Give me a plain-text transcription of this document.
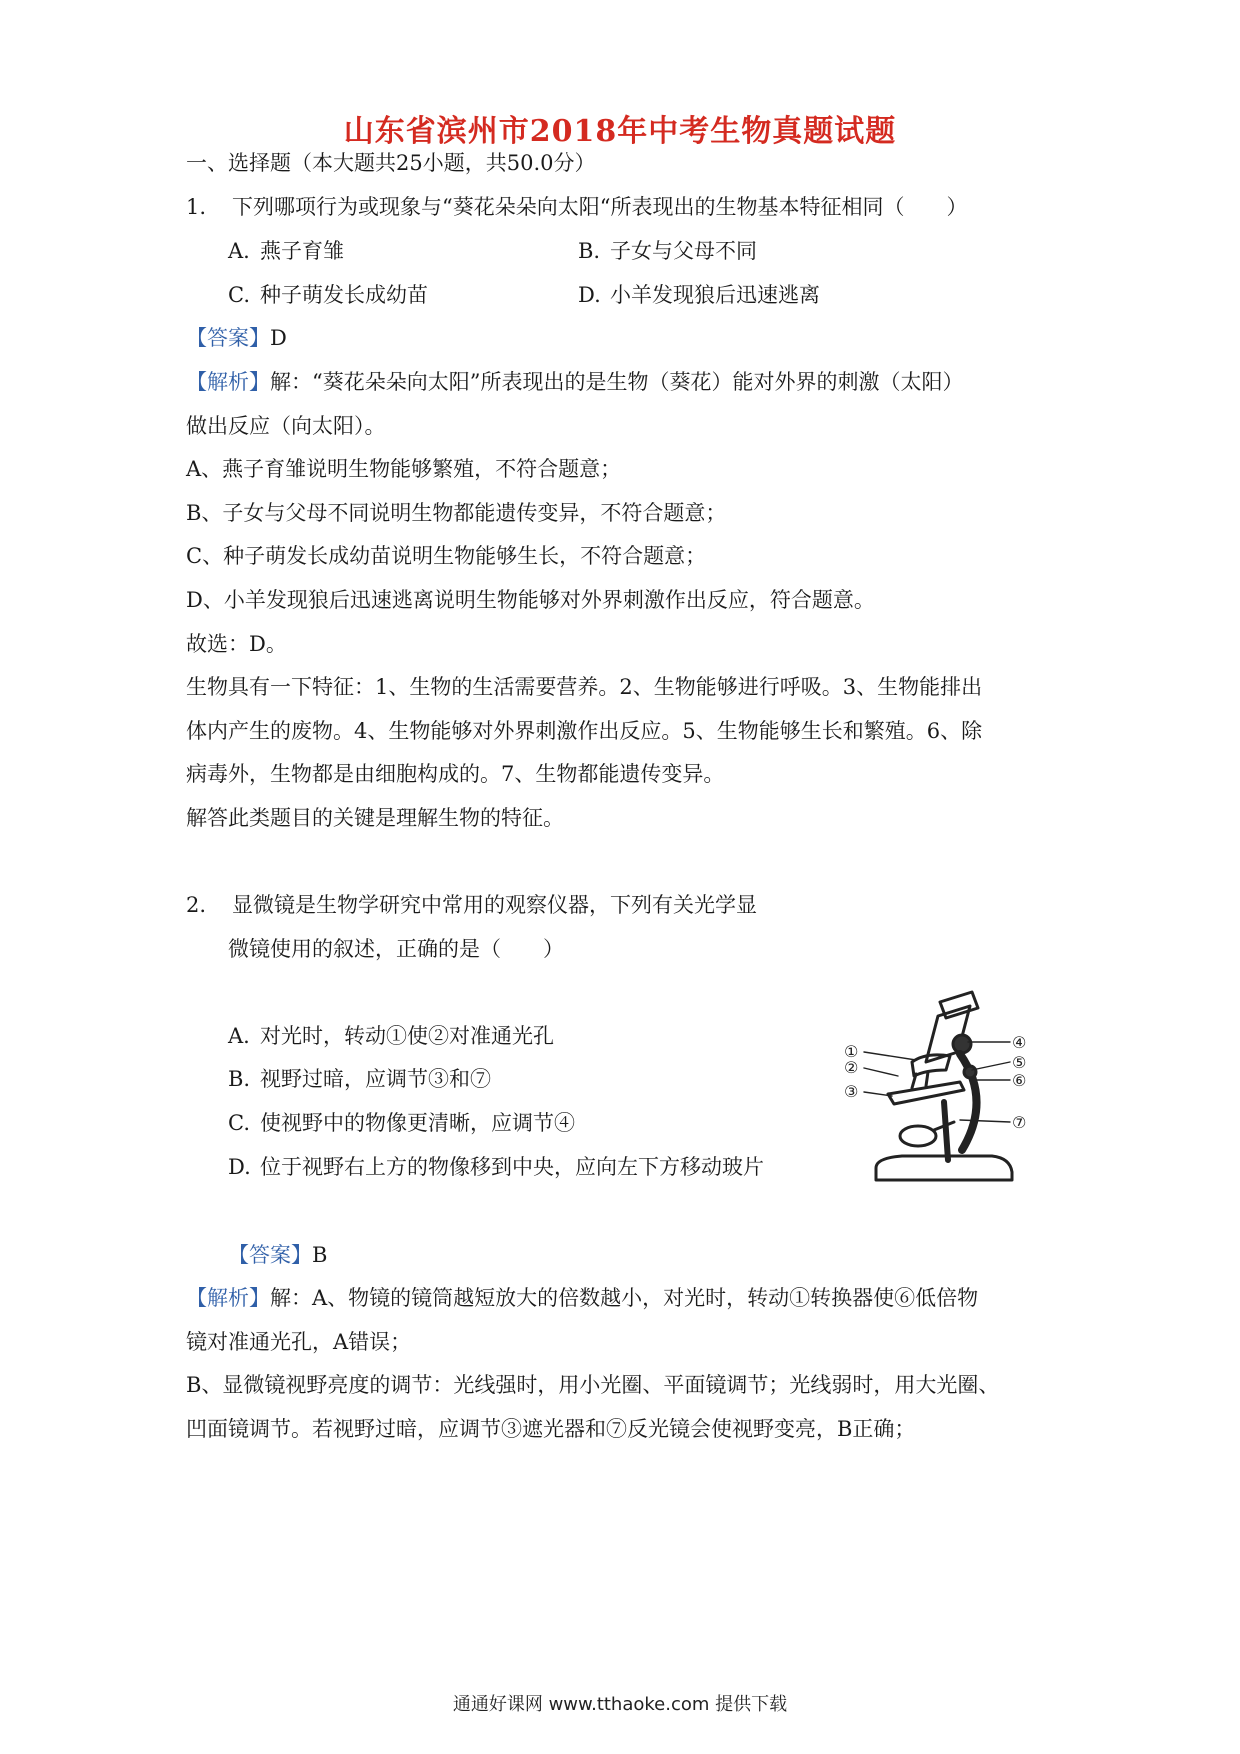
山东省滨州市2018年中考生物真题试题
一、选择题（本大题共25小题，共50.0分）
1. 下列哪项行为或现象与“葵花朵朵向太阳“所表现出的生物基本特征相同（　　）
A. 燕子育雏	B. 子女与父母不同
C. 种子萌发长成幼苗	D. 小羊发现狼后迅速逃离
【答案】D
【解析】解：“葵花朵朵向太阳”所表现出的是生物（葵花）能对外界的刺激（太阳）
做出反应（向太阳）。
A、燕子育雏说明生物能够繁殖，不符合题意；
B、子女与父母不同说明生物都能遗传变异，不符合题意；
C、种子萌发长成幼苗说明生物能够生长，不符合题意；
D、小羊发现狼后迅速逃离说明生物能够对外界刺激作出反应，符合题意。
故选：D。
生物具有一下特征：1、生物的生活需要营养。2、生物能够进行呼吸。3、生物能排出
体内产生的废物。4、生物能够对外界刺激作出反应。5、生物能够生长和繁殖。6、除
病毒外，生物都是由细胞构成的。7、生物都能遗传变异。
解答此类题目的关键是理解生物的特征。
2. 显微镜是生物学研究中常用的观察仪器，下列有关光学显
微镜使用的叙述，正确的是（　　）
A. 对光时，转动①使②对准通光孔
B. 视野过暗，应调节③和⑦
C. 使视野中的物像更清晰，应调节④
D. 位于视野右上方的物像移到中央，应向左下方移动玻片
①
②
③
④
⑤
⑥
⑦
【答案】B
【解析】解：A、物镜的镜筒越短放大的倍数越小，对光时，转动①转换器使⑥低倍物
镜对准通光孔，A错误；
B、显微镜视野亮度的调节：光线强时，用小光圈、平面镜调节；光线弱时，用大光圈、
凹面镜调节。若视野过暗，应调节③遮光器和⑦反光镜会使视野变亮，B正确；
通通好课网 www.tthaoke.com 提供下载
